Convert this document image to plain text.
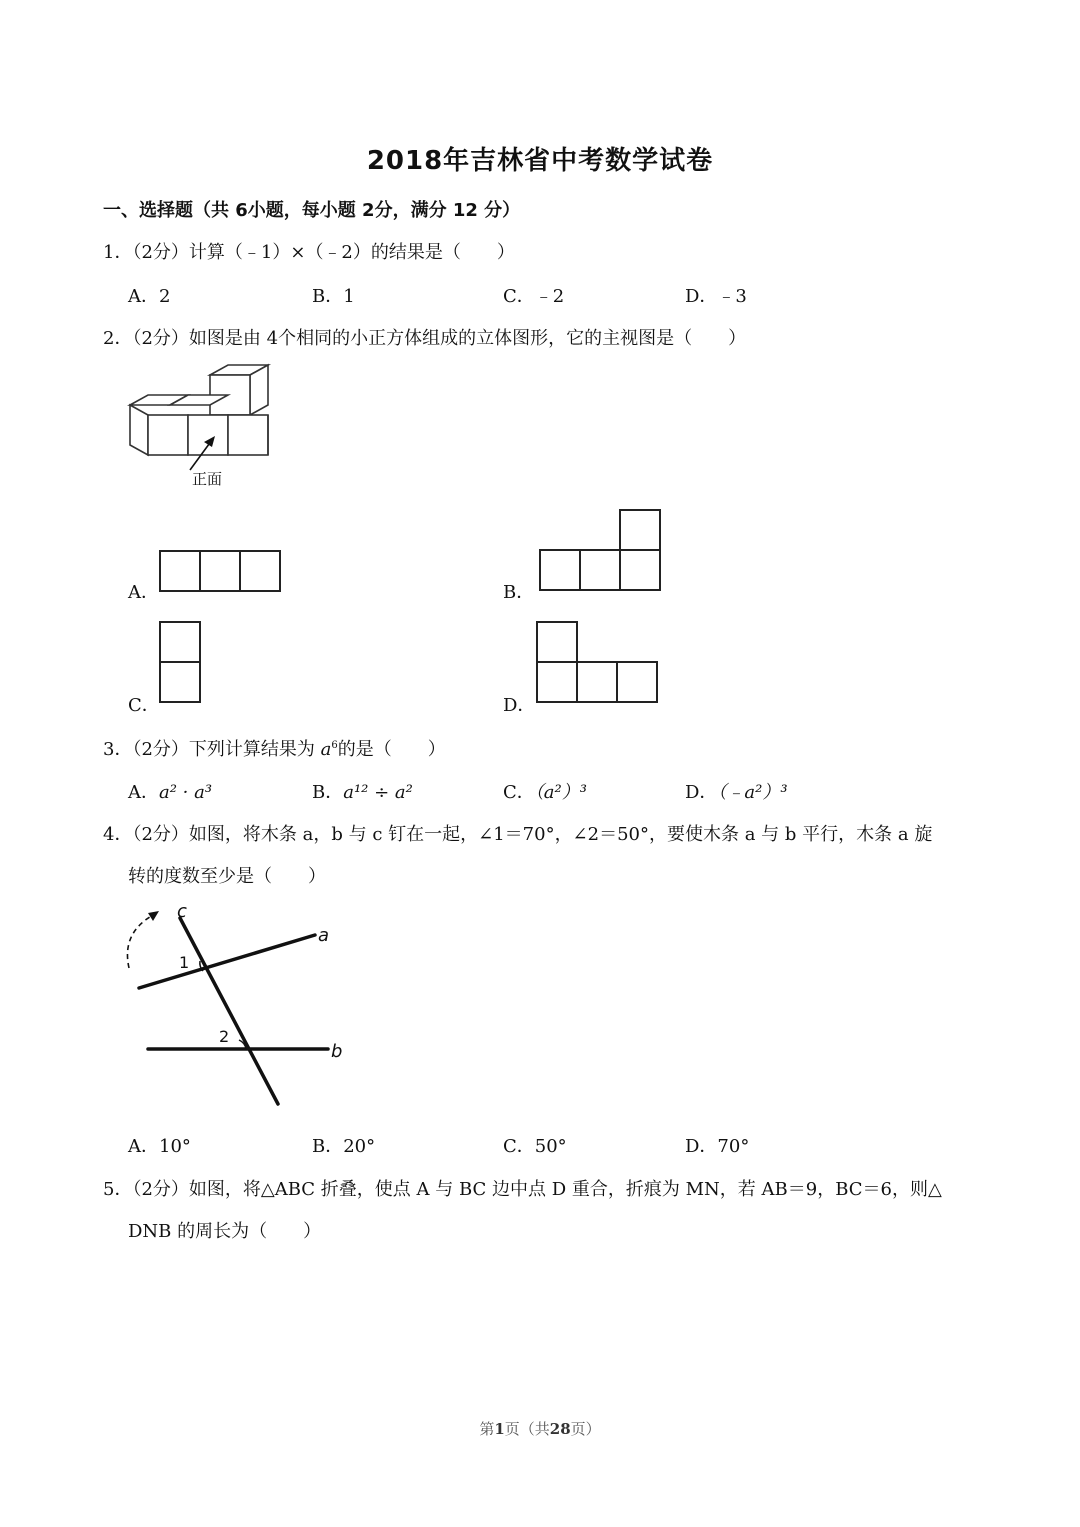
2018年吉林省中考数学试卷
一、选择题（共 6小题，每小题 2分，满分 12 分）
1．（2分）计算（﹣1）×（﹣2）的结果是（　　）
A．2	B．1	C．﹣2	D．﹣3
2．（2分）如图是由 4个相同的小正方体组成的立体图形，它的主视图是（　　）
正面
A．	B．
C．	D．
3．（2分）下列计算结果为 $a^6$的是（　　）
A．a² · a³	B．a¹² ÷ a²	C．（a²）³	D．（﹣a²）³
4．（2分）如图，将木条 a，b 与 c 钉在一起，∠1＝70°，∠2＝50°，要使木条 a 与 b 平行，木条 a 旋
转的度数至少是（　　）
c
a
b
1
2
A．10°	B．20°	C．50°	D．70°
5．（2分）如图，将△ABC 折叠，使点 A 与 BC 边中点 D 重合，折痕为 MN，若 AB＝9，BC＝6，则△
DNB 的周长为（　　）
第1页（共28页）
